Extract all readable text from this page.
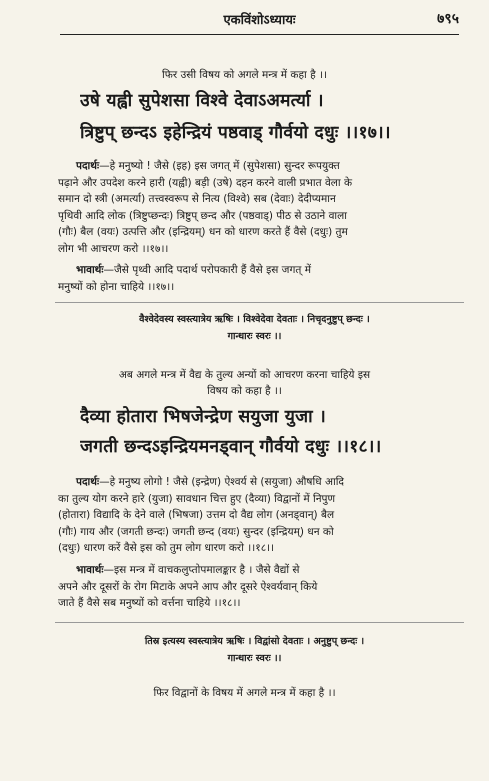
एकविंशोऽध्यायः	७९५
फिर उसी विषय को अगले मन्त्र में कहा है ।।
उषे यह्वी सुपेशसा विश्वे देवाऽअमर्त्या ।
त्रिष्टुप् छन्दऽ इहेन्द्रियं पष्ठवाड् गौर्वयो दधुः ।।१७।।
पदार्थः—हे मनुष्यो ! जैसे (इह) इस जगत् में (सुपेशसा) सुन्दर रूपयुक्त
पढ़ाने और उपदेश करने हारी (यह्वी) बड़ी (उषे) दहन करने वाली प्रभात वेला के
समान दो स्त्री (अमर्त्या) तत्त्वस्वरूप से नित्य (विश्वे) सब (देवाः) देदीप्यमान
पृथिवी आदि लोक (त्रिष्टुप्छन्दः) त्रिष्टुप् छन्द और (पष्ठवाड्) पीठ से उठाने वाला
(गौः) बैल (वयः) उत्पत्ति और (इन्द्रियम्) धन को धारण करते हैं वैसे (दधुः) तुम
लोग भी आचरण करो ।।१७।।
भावार्थः—जैसे पृथ्वी आदि पदार्थ परोपकारी हैं वैसे इस जगत् में
मनुष्यों को होना चाहिये ।।१७।।
वैश्वेदेवस्य स्वस्त्यात्रेय ऋषिः । विश्वेदेवा देवताः । निचृदनुष्टुप् छन्दः ।
गान्धारः स्वरः ।।
अब अगले मन्त्र में वैद्य के तुल्य अन्यों को आचरण करना चाहिये इस
विषय को कहा है ।।
दैव्या होतारा भिषजेन्द्रेण सयुजा युजा ।
जगती छन्दऽइन्द्रियमनड्वान् गौर्वयो दधुः ।।१८।।
पदार्थः—हे मनुष्य लोगो ! जैसे (इन्द्रेण) ऐश्वर्य से (सयुजा) औषधि आदि
का तुल्य योग करने हारे (युजा) सावधान चित्त हुए (दैव्या) विद्वानों में निपुण
(होतारा) विद्यादि के देने वाले (भिषजा) उत्तम दो वैद्य लोग (अनड्वान्) बैल
(गौः) गाय और (जगती छन्दः) जगती छन्द (वयः) सुन्दर (इन्द्रियम्) धन को
(दधुः) धारण करें वैसे इस को तुम लोग धारण करो ।।१८।।
भावार्थः—इस मन्त्र में वाचकलुप्तोपमालङ्कार है । जैसे वैद्यों से
अपने और दूसरों के रोग मिटाके अपने आप और दूसरे ऐश्वर्यवान् किये
जाते हैं वैसे सब मनुष्यों को वर्त्तना चाहिये ।।१८।।
तिस्र इत्यस्य स्वस्त्यात्रेय ऋषिः । विद्वांसो देवताः । अनुष्टुप् छन्दः ।
गान्धारः स्वरः ।।
फिर विद्वानों के विषय में अगले मन्त्र में कहा है ।।
